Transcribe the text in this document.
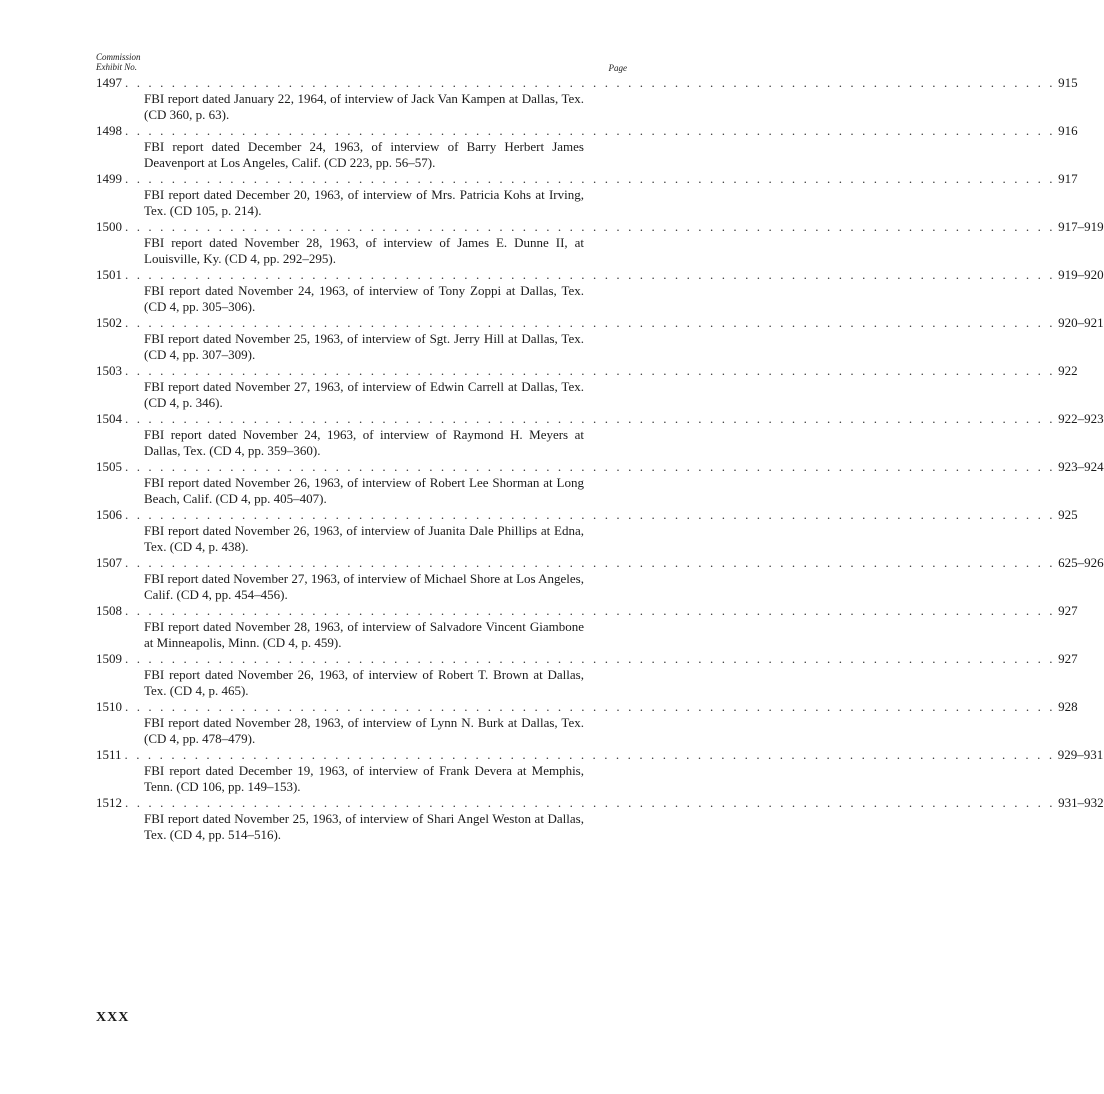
Commission
Exhibit No.	Page
1497 . . . . . . . . . . . . . . . . . . . . . . . . . . . . . . . . . . . . . . . . . . . . . . . . . . . . . . . . . . . . . . . . . . . . . . . . . . . . . . . . 915
FBI report dated January 22, 1964, of interview of Jack Van Kampen at Dallas, Tex. (CD 360, p. 63).
1498 . . . . . . . . . . . . . . . . . . . . . . . . . . . . . . . . . . . . . . . . . . . . . . . . . . . . . . . . . . . . . . . . . . . . . . . . . . . . . . . . 916
FBI report dated December 24, 1963, of interview of Barry Herbert James Deavenport at Los Angeles, Calif. (CD 223, pp. 56–57).
1499 . . . . . . . . . . . . . . . . . . . . . . . . . . . . . . . . . . . . . . . . . . . . . . . . . . . . . . . . . . . . . . . . . . . . . . . . . . . . . . . . 917
FBI report dated December 20, 1963, of interview of Mrs. Patricia Kohs at Irving, Tex. (CD 105, p. 214).
1500 . . . . . . . . . . . . . . . . . . . . . . . . . . . . . . . . . . . . . . . . . . . . . . . . . . . . . . . . . . . . . . . . . . . . . . . . . . . . . . . . 917–919
FBI report dated November 28, 1963, of interview of James E. Dunne II, at Louisville, Ky. (CD 4, pp. 292–295).
1501 . . . . . . . . . . . . . . . . . . . . . . . . . . . . . . . . . . . . . . . . . . . . . . . . . . . . . . . . . . . . . . . . . . . . . . . . . . . . . . . . 919–920
FBI report dated November 24, 1963, of interview of Tony Zoppi at Dallas, Tex. (CD 4, pp. 305–306).
1502 . . . . . . . . . . . . . . . . . . . . . . . . . . . . . . . . . . . . . . . . . . . . . . . . . . . . . . . . . . . . . . . . . . . . . . . . . . . . . . . . 920–921
FBI report dated November 25, 1963, of interview of Sgt. Jerry Hill at Dallas, Tex. (CD 4, pp. 307–309).
1503 . . . . . . . . . . . . . . . . . . . . . . . . . . . . . . . . . . . . . . . . . . . . . . . . . . . . . . . . . . . . . . . . . . . . . . . . . . . . . . . . 922
FBI report dated November 27, 1963, of interview of Edwin Carrell at Dallas, Tex. (CD 4, p. 346).
1504 . . . . . . . . . . . . . . . . . . . . . . . . . . . . . . . . . . . . . . . . . . . . . . . . . . . . . . . . . . . . . . . . . . . . . . . . . . . . . . . . 922–923
FBI report dated November 24, 1963, of interview of Raymond H. Meyers at Dallas, Tex. (CD 4, pp. 359–360).
1505 . . . . . . . . . . . . . . . . . . . . . . . . . . . . . . . . . . . . . . . . . . . . . . . . . . . . . . . . . . . . . . . . . . . . . . . . . . . . . . . . 923–924
FBI report dated November 26, 1963, of interview of Robert Lee Shorman at Long Beach, Calif. (CD 4, pp. 405–407).
1506 . . . . . . . . . . . . . . . . . . . . . . . . . . . . . . . . . . . . . . . . . . . . . . . . . . . . . . . . . . . . . . . . . . . . . . . . . . . . . . . . 925
FBI report dated November 26, 1963, of interview of Juanita Dale Phillips at Edna, Tex. (CD 4, p. 438).
1507 . . . . . . . . . . . . . . . . . . . . . . . . . . . . . . . . . . . . . . . . . . . . . . . . . . . . . . . . . . . . . . . . . . . . . . . . . . . . . . . . 625–926
FBI report dated November 27, 1963, of interview of Michael Shore at Los Angeles, Calif. (CD 4, pp. 454–456).
1508 . . . . . . . . . . . . . . . . . . . . . . . . . . . . . . . . . . . . . . . . . . . . . . . . . . . . . . . . . . . . . . . . . . . . . . . . . . . . . . . . 927
FBI report dated November 28, 1963, of interview of Salvadore Vincent Giambone at Minneapolis, Minn. (CD 4, p. 459).
1509 . . . . . . . . . . . . . . . . . . . . . . . . . . . . . . . . . . . . . . . . . . . . . . . . . . . . . . . . . . . . . . . . . . . . . . . . . . . . . . . . 927
FBI report dated November 26, 1963, of interview of Robert T. Brown at Dallas, Tex. (CD 4, p. 465).
1510 . . . . . . . . . . . . . . . . . . . . . . . . . . . . . . . . . . . . . . . . . . . . . . . . . . . . . . . . . . . . . . . . . . . . . . . . . . . . . . . . 928
FBI report dated November 28, 1963, of interview of Lynn N. Burk at Dallas, Tex. (CD 4, pp. 478–479).
1511 . . . . . . . . . . . . . . . . . . . . . . . . . . . . . . . . . . . . . . . . . . . . . . . . . . . . . . . . . . . . . . . . . . . . . . . . . . . . . . . . 929–931
FBI report dated December 19, 1963, of interview of Frank Devera at Memphis, Tenn. (CD 106, pp. 149–153).
1512 . . . . . . . . . . . . . . . . . . . . . . . . . . . . . . . . . . . . . . . . . . . . . . . . . . . . . . . . . . . . . . . . . . . . . . . . . . . . . . . . 931–932
FBI report dated November 25, 1963, of interview of Shari Angel Weston at Dallas, Tex. (CD 4, pp. 514–516).
XXX
